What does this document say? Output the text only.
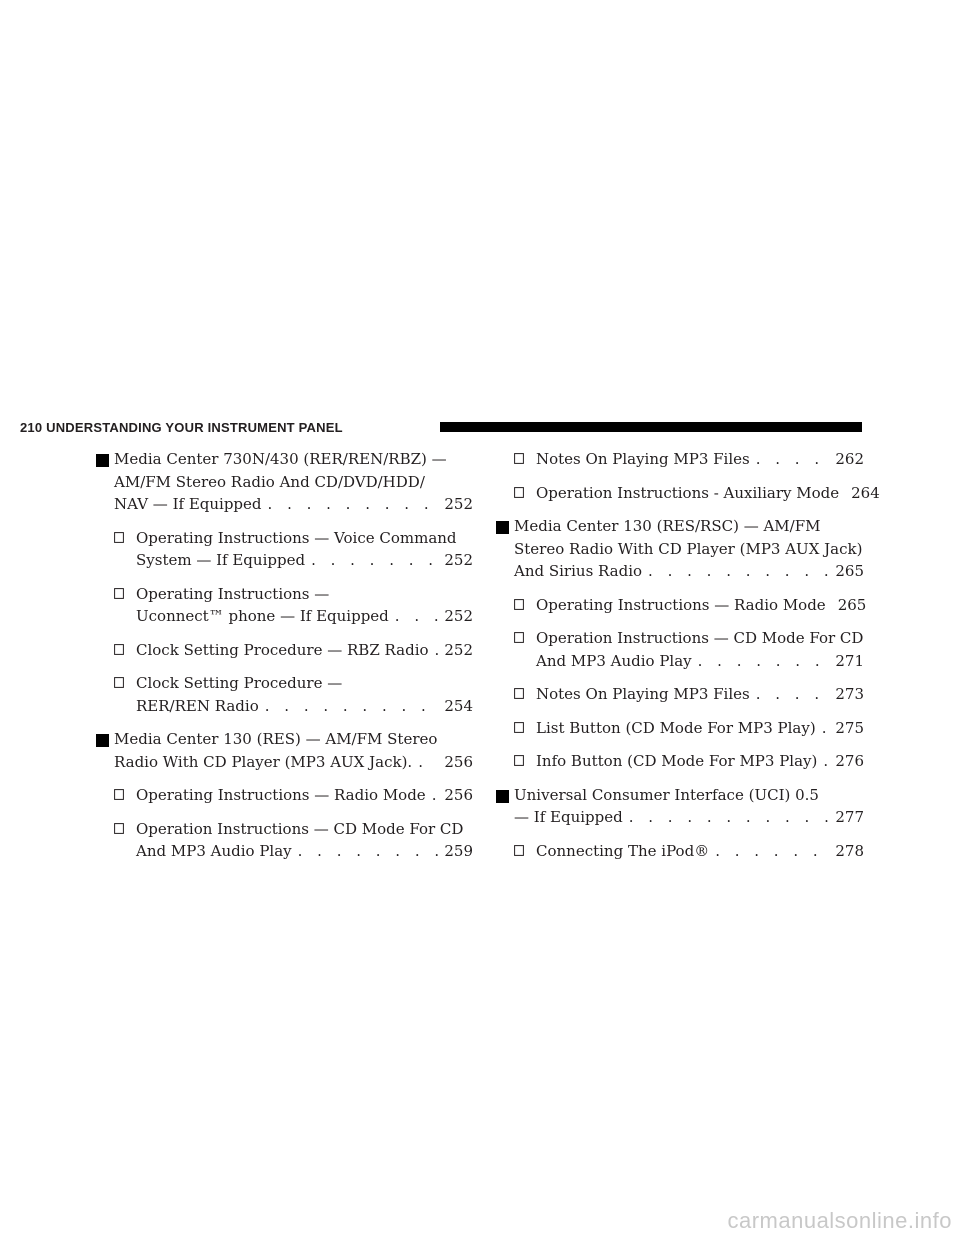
210 UNDERSTANDING YOUR INSTRUMENT PANEL
Media Center 730N/430 (RER/REN/RBZ) —
AM/FM Stereo Radio And CD/DVD/HDD/
NAV — If Equipped . . .	252
Operating Instructions — Voice Command
System — If Equipped . . .	252
Operating Instructions —
Uconnect™ phone — If Equipped . . .	252
Clock Setting Procedure — RBZ Radio . . . 252
Clock Setting Procedure —
RER/REN Radio . . .	254
Media Center 130 (RES) — AM/FM Stereo
Radio With CD Player (MP3 AUX Jack). . . . 256
Operating Instructions — Radio Mode . . . 256
Operation Instructions — CD Mode For CD
And MP3 Audio Play . . .	259
Notes On Playing MP3 Files . . .	262
Operation Instructions - Auxiliary Mode 264
Media Center 130 (RES/RSC) — AM/FM
Stereo Radio With CD Player (MP3 AUX Jack)
And Sirius Radio . . .	265
Operating Instructions — Radio Mode 265
Operation Instructions — CD Mode For CD
And MP3 Audio Play . . .	271
Notes On Playing MP3 Files . . .	273
List Button (CD Mode For MP3 Play) . . . 275
Info Button (CD Mode For MP3 Play) . . . 276
Universal Consumer Interface (UCI) 0.5
— If Equipped . . .	277
Connecting The iPod® . . .	278
carmanualsonline.info
